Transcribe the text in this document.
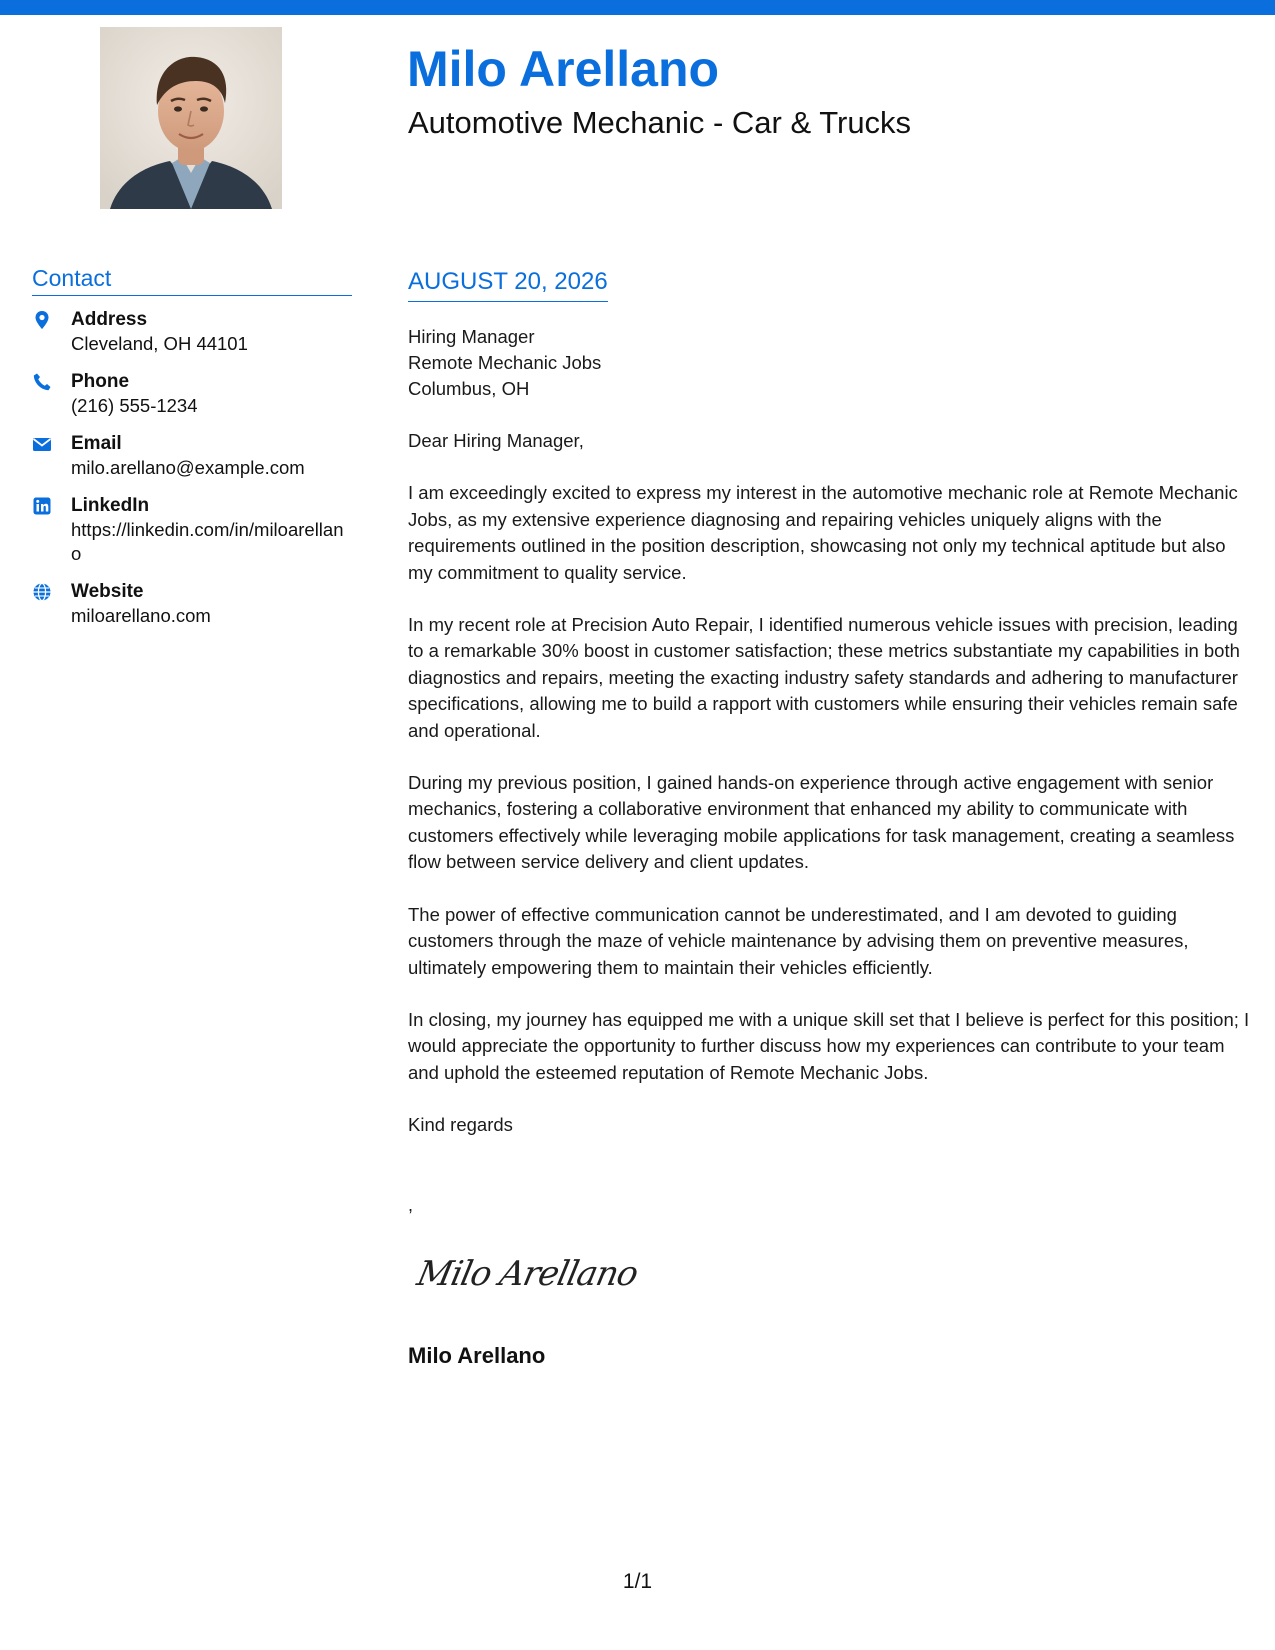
Milo Arellano
Automotive Mechanic - Car & Trucks
Contact
Address
Cleveland, OH 44101
Phone
(216) 555-1234
Email
milo.arellano@example.com
LinkedIn
https://linkedin.com/in/miloarellano
Website
miloarellano.com
AUGUST 20, 2026
Hiring Manager
Remote Mechanic Jobs
Columbus, OH

Dear Hiring Manager,

I am exceedingly excited to express my interest in the automotive mechanic role at Remote Mechanic Jobs, as my extensive experience diagnosing and repairing vehicles uniquely aligns with the requirements outlined in the position description, showcasing not only my technical aptitude but also my commitment to quality service.

In my recent role at Precision Auto Repair, I identified numerous vehicle issues with precision, leading to a remarkable 30% boost in customer satisfaction; these metrics substantiate my capabilities in both diagnostics and repairs, meeting the exacting industry safety standards and adhering to manufacturer specifications, allowing me to build a rapport with customers while ensuring their vehicles remain safe and operational.

During my previous position, I gained hands-on experience through active engagement with senior mechanics, fostering a collaborative environment that enhanced my ability to communicate with customers effectively while leveraging mobile applications for task management, creating a seamless flow between service delivery and client updates.

The power of effective communication cannot be underestimated, and I am devoted to guiding customers through the maze of vehicle maintenance by advising them on preventive measures, ultimately empowering them to maintain their vehicles efficiently.

In closing, my journey has equipped me with a unique skill set that I believe is perfect for this position; I would appreciate the opportunity to further discuss how my experiences can contribute to your team and uphold the esteemed reputation of Remote Mechanic Jobs.

Kind regards

,
Milo Arellano
Milo Arellano
1/1
